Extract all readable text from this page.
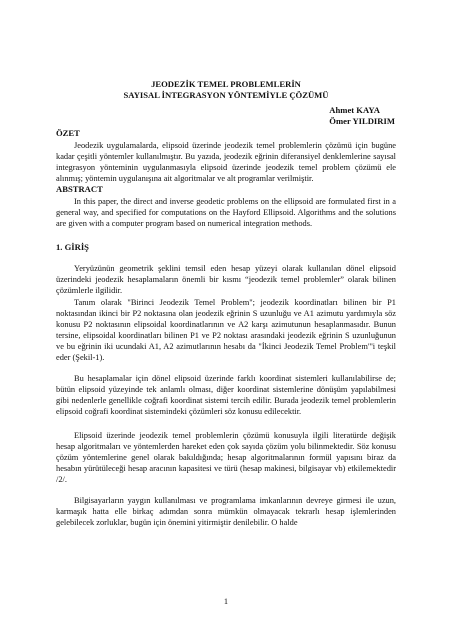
JEODEZİK TEMEL PROBLEMLERİN
SAYISAL İNTEGRASYON YÖNTEMİYLE ÇÖZÜMÜ
Ahmet KAYA
Ömer YILDIRIM
ÖZET

Jeodezik uygulamalarda, elipsoid üzerinde jeodezik temel problemlerin çözümü için bugüne kadar çeşitli yöntemler kullanılmıştır. Bu yazıda, jeodezik eğrinin diferansiyel denklemlerine sayısal integrasyon yönteminin uygulanmasıyla elipsoid üzerinde jeodezik temel problem çözümü ele alınmış; yöntemin uygulanışına ait algoritmalar ve alt programlar verilmiştir.

ABSTRACT

In this paper, the direct and inverse geodetic problems on the ellipsoid are formulated first in a general way, and specified for computations on the Hayford Ellipsoid. Algorithms and the solutions are given with a computer program based on numerical integration methods.

1. GİRİŞ

Yeryüzünün geometrik şeklini temsil eden hesap yüzeyi olarak kullanılan dönel elipsoid üzerindeki jeodezik hesaplamaların önemli bir kısmı “jeodezik temel problemler” olarak bilinen çözümlerle ilgilidir.

Tanım olarak "Birinci Jeodezik Temel Problem"; jeodezik koordinatları bilinen bir P1 noktasından ikinci bir P2 noktasına olan jeodezik eğrinin S uzunluğu ve A1 azimutu yardımıyla söz konusu P2 noktasının elipsoidal koordinatlarının ve A2 karşı azimutunun hesaplanmasıdır. Bunun tersine, elipsoidal koordinatları bilinen P1 ve P2 noktası arasındaki jeodezik eğrinin S uzunluğunun ve bu eğrinin iki ucundaki A1, A2 azimutlarının hesabı da "İkinci Jeodezik Temel Problem"'i teşkil eder (Şekil-1).

Bu hesaplamalar için dönel elipsoid üzerinde farklı koordinat sistemleri kullanılabilirse de; bütün elipsoid yüzeyinde tek anlamlı olması, diğer koordinat sistemlerine dönüşüm yapılabilmesi gibi nedenlerle genellikle coğrafi koordinat sistemi tercih edilir. Burada jeodezik temel problemlerin elipsoid coğrafi koordinat sistemindeki çözümleri söz konusu edilecektir.

Elipsoid üzerinde jeodezik temel problemlerin çözümü konusuyla ilgili literatürde değişik hesap algoritmaları ve yöntemlerden hareket eden çok sayıda çözüm yolu bilinmektedir. Söz konusu çözüm yöntemlerine genel olarak bakıldığında; hesap algoritmalarının formül yapısını biraz da hesabın yürütüleceği hesap aracının kapasitesi ve türü (hesap makinesi, bilgisayar vb) etkilemektedir /2/.

Bilgisayarların yaygın kullanılması ve programlama imkanlarının devreye girmesi ile uzun, karmaşık hatta elle birkaç adımdan sonra mümkün olmayacak tekrarlı hesap işlemlerinden gelebilecek zorluklar, bugün için önemini yitirmiştir denilebilir. O halde

1
